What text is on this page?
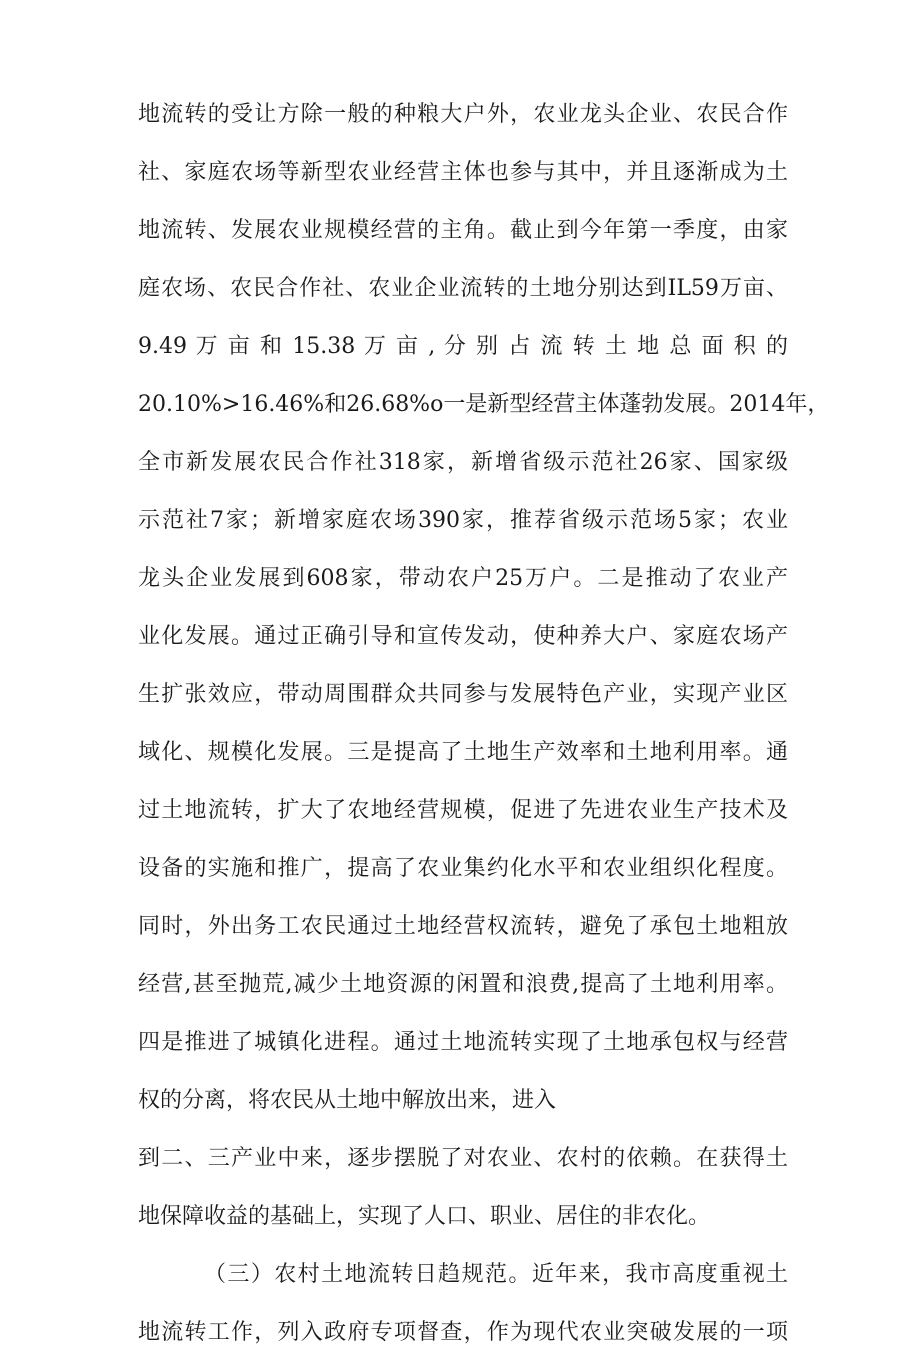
地流转的受让方除一般的种粮大户外，农业龙头企业、农民合作
社、家庭农场等新型农业经营主体也参与其中，并且逐渐成为土
地流转、发展农业规模经营的主角。截止到今年第一季度，由家
庭农场、农民合作社、农业企业流转的土地分别达到IL59万亩、
9.49 万 亩 和 15.38 万 亩 , 分 别 占 流 转 土 地 总 面 积 的
20.10%>16.46%和26.68%o一是新型经营主体蓬勃发展。2014年，
全市新发展农民合作社318家，新增省级示范社26家、国家级
示范社7家；新增家庭农场390家，推荐省级示范场5家；农业
龙头企业发展到608家，带动农户25万户。二是推动了农业产
业化发展。通过正确引导和宣传发动，使种养大户、家庭农场产
生扩张效应，带动周围群众共同参与发展特色产业，实现产业区
域化、规模化发展。三是提高了土地生产效率和土地利用率。通
过土地流转，扩大了农地经营规模，促进了先进农业生产技术及
设备的实施和推广，提高了农业集约化水平和农业组织化程度。
同时，外出务工农民通过土地经营权流转，避免了承包土地粗放
经营,甚至抛荒,减少土地资源的闲置和浪费,提高了土地利用率。
四是推进了城镇化进程。通过土地流转实现了土地承包权与经营
权的分离，将农民从土地中解放出来，进入
到二、三产业中来，逐步摆脱了对农业、农村的依赖。在获得土
地保障收益的基础上，实现了人口、职业、居住的非农化。
（三）农村土地流转日趋规范。近年来，我市高度重视土
地流转工作，列入政府专项督查，作为现代农业突破发展的一项
